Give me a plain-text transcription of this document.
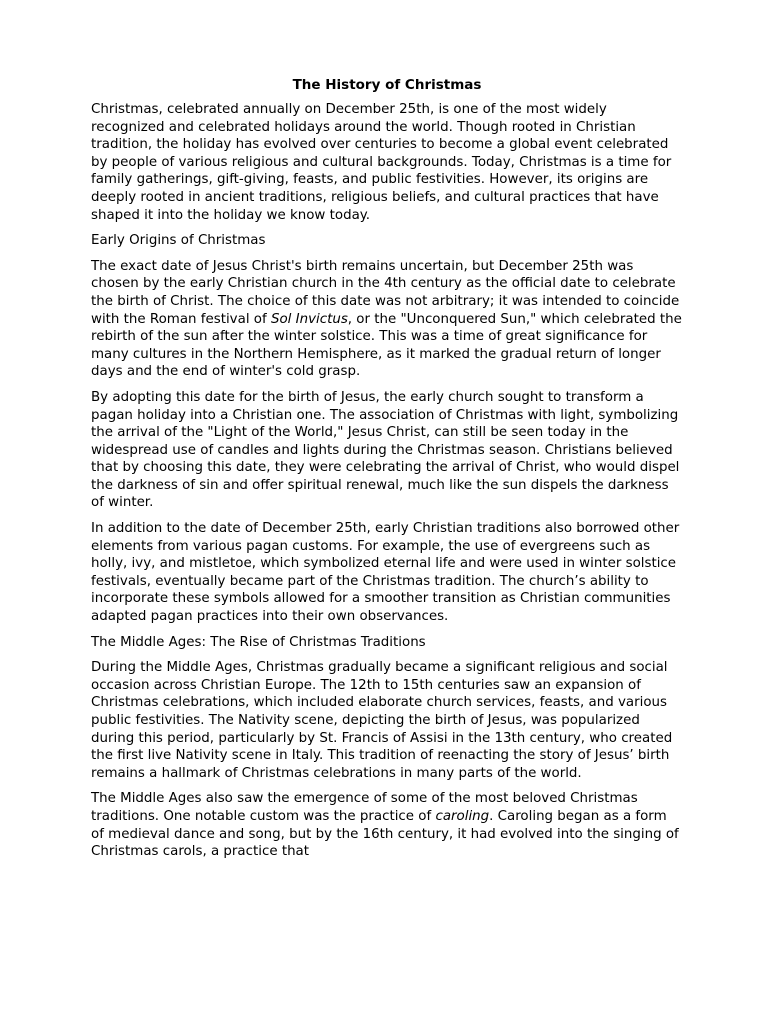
The History of Christmas

Christmas, celebrated annually on December 25th, is one of the most widely recognized and celebrated holidays around the world. Though rooted in Christian tradition, the holiday has evolved over centuries to become a global event celebrated by people of various religious and cultural backgrounds. Today, Christmas is a time for family gatherings, gift-giving, feasts, and public festivities. However, its origins are deeply rooted in ancient traditions, religious beliefs, and cultural practices that have shaped it into the holiday we know today.

Early Origins of Christmas

The exact date of Jesus Christ's birth remains uncertain, but December 25th was chosen by the early Christian church in the 4th century as the official date to celebrate the birth of Christ. The choice of this date was not arbitrary; it was intended to coincide with the Roman festival of Sol Invictus, or the "Unconquered Sun," which celebrated the rebirth of the sun after the winter solstice. This was a time of great significance for many cultures in the Northern Hemisphere, as it marked the gradual return of longer days and the end of winter's cold grasp.

By adopting this date for the birth of Jesus, the early church sought to transform a pagan holiday into a Christian one. The association of Christmas with light, symbolizing the arrival of the "Light of the World," Jesus Christ, can still be seen today in the widespread use of candles and lights during the Christmas season. Christians believed that by choosing this date, they were celebrating the arrival of Christ, who would dispel the darkness of sin and offer spiritual renewal, much like the sun dispels the darkness of winter.

In addition to the date of December 25th, early Christian traditions also borrowed other elements from various pagan customs. For example, the use of evergreens such as holly, ivy, and mistletoe, which symbolized eternal life and were used in winter solstice festivals, eventually became part of the Christmas tradition. The church’s ability to incorporate these symbols allowed for a smoother transition as Christian communities adapted pagan practices into their own observances.

The Middle Ages: The Rise of Christmas Traditions

During the Middle Ages, Christmas gradually became a significant religious and social occasion across Christian Europe. The 12th to 15th centuries saw an expansion of Christmas celebrations, which included elaborate church services, feasts, and various public festivities. The Nativity scene, depicting the birth of Jesus, was popularized during this period, particularly by St. Francis of Assisi in the 13th century, who created the first live Nativity scene in Italy. This tradition of reenacting the story of Jesus’ birth remains a hallmark of Christmas celebrations in many parts of the world.

The Middle Ages also saw the emergence of some of the most beloved Christmas traditions. One notable custom was the practice of caroling. Caroling began as a form of medieval dance and song, but by the 16th century, it had evolved into the singing of Christmas carols, a practice that
